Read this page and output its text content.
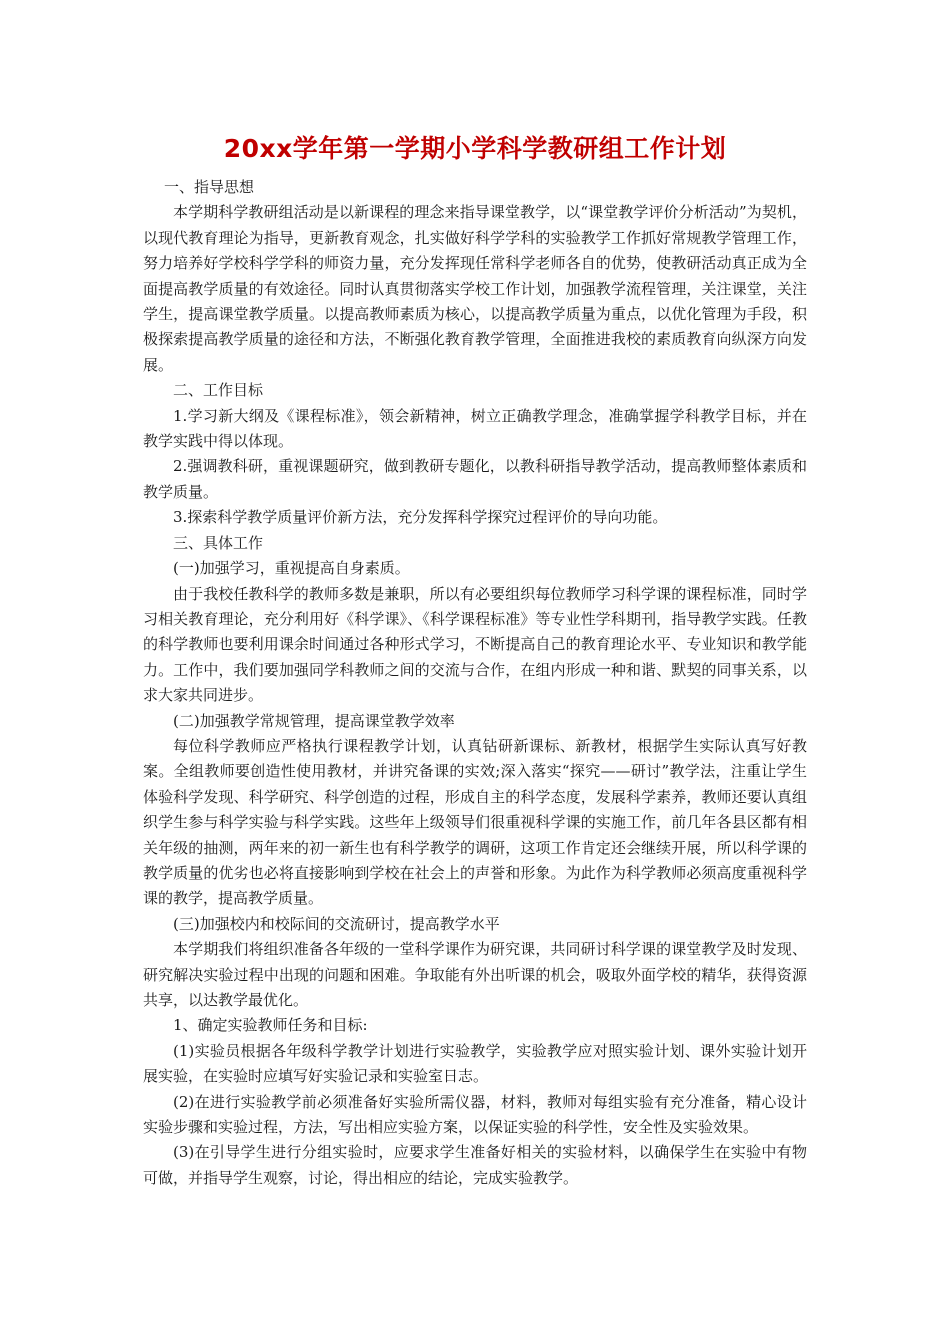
20xx学年第一学期小学科学教研组工作计划

一、指导思想

本学期科学教研组活动是以新课程的理念来指导课堂教学，以“课堂教学评价分析活动”为契机，以现代教育理论为指导，更新教育观念，扎实做好科学学科的实验教学工作抓好常规教学管理工作，努力培养好学校科学学科的师资力量，充分发挥现任常科学老师各自的优势，使教研活动真正成为全面提高教学质量的有效途径。同时认真贯彻落实学校工作计划，加强教学流程管理，关注课堂，关注学生，提高课堂教学质量。以提高教师素质为核心，以提高教学质量为重点，以优化管理为手段，积极探索提高教学质量的途径和方法，不断强化教育教学管理，全面推进我校的素质教育向纵深方向发展。

二、工作目标

1.学习新大纲及《课程标准》，领会新精神，树立正确教学理念，准确掌握学科教学目标，并在教学实践中得以体现。

2.强调教科研，重视课题研究，做到教研专题化，以教科研指导教学活动，提高教师整体素质和教学质量。

3.探索科学教学质量评价新方法，充分发挥科学探究过程评价的导向功能。

三、具体工作

(一)加强学习，重视提高自身素质。

由于我校任教科学的教师多数是兼职，所以有必要组织每位教师学习科学课的课程标准，同时学习相关教育理论，充分利用好《科学课》、《科学课程标准》等专业性学科期刊，指导教学实践。任教的科学教师也要利用课余时间通过各种形式学习，不断提高自己的教育理论水平、专业知识和教学能力。工作中，我们要加强同学科教师之间的交流与合作，在组内形成一种和谐、默契的同事关系，以求大家共同进步。

(二)加强教学常规管理，提高课堂教学效率

每位科学教师应严格执行课程教学计划，认真钻研新课标、新教材，根据学生实际认真写好教案。全组教师要创造性使用教材，并讲究备课的实效;深入落实“探究——研讨”教学法，注重让学生体验科学发现、科学研究、科学创造的过程，形成自主的科学态度，发展科学素养，教师还要认真组织学生参与科学实验与科学实践。这些年上级领导们很重视科学课的实施工作，前几年各县区都有相关年级的抽测，两年来的初一新生也有科学教学的调研，这项工作肯定还会继续开展，所以科学课的教学质量的优劣也必将直接影响到学校在社会上的声誉和形象。为此作为科学教师必须高度重视科学课的教学，提高教学质量。

(三)加强校内和校际间的交流研讨，提高教学水平

本学期我们将组织准备各年级的一堂科学课作为研究课，共同研讨科学课的课堂教学及时发现、研究解决实验过程中出现的问题和困难。争取能有外出听课的机会，吸取外面学校的精华，获得资源共享，以达教学最优化。

1、确定实验教师任务和目标:

(1)实验员根据各年级科学教学计划进行实验教学，实验教学应对照实验计划、课外实验计划开展实验，在实验时应填写好实验记录和实验室日志。

(2)在进行实验教学前必须准备好实验所需仪器，材料，教师对每组实验有充分准备，精心设计实验步骤和实验过程，方法，写出相应实验方案，以保证实验的科学性，安全性及实验效果。

(3)在引导学生进行分组实验时，应要求学生准备好相关的实验材料，以确保学生在实验中有物可做，并指导学生观察，讨论，得出相应的结论，完成实验教学。
